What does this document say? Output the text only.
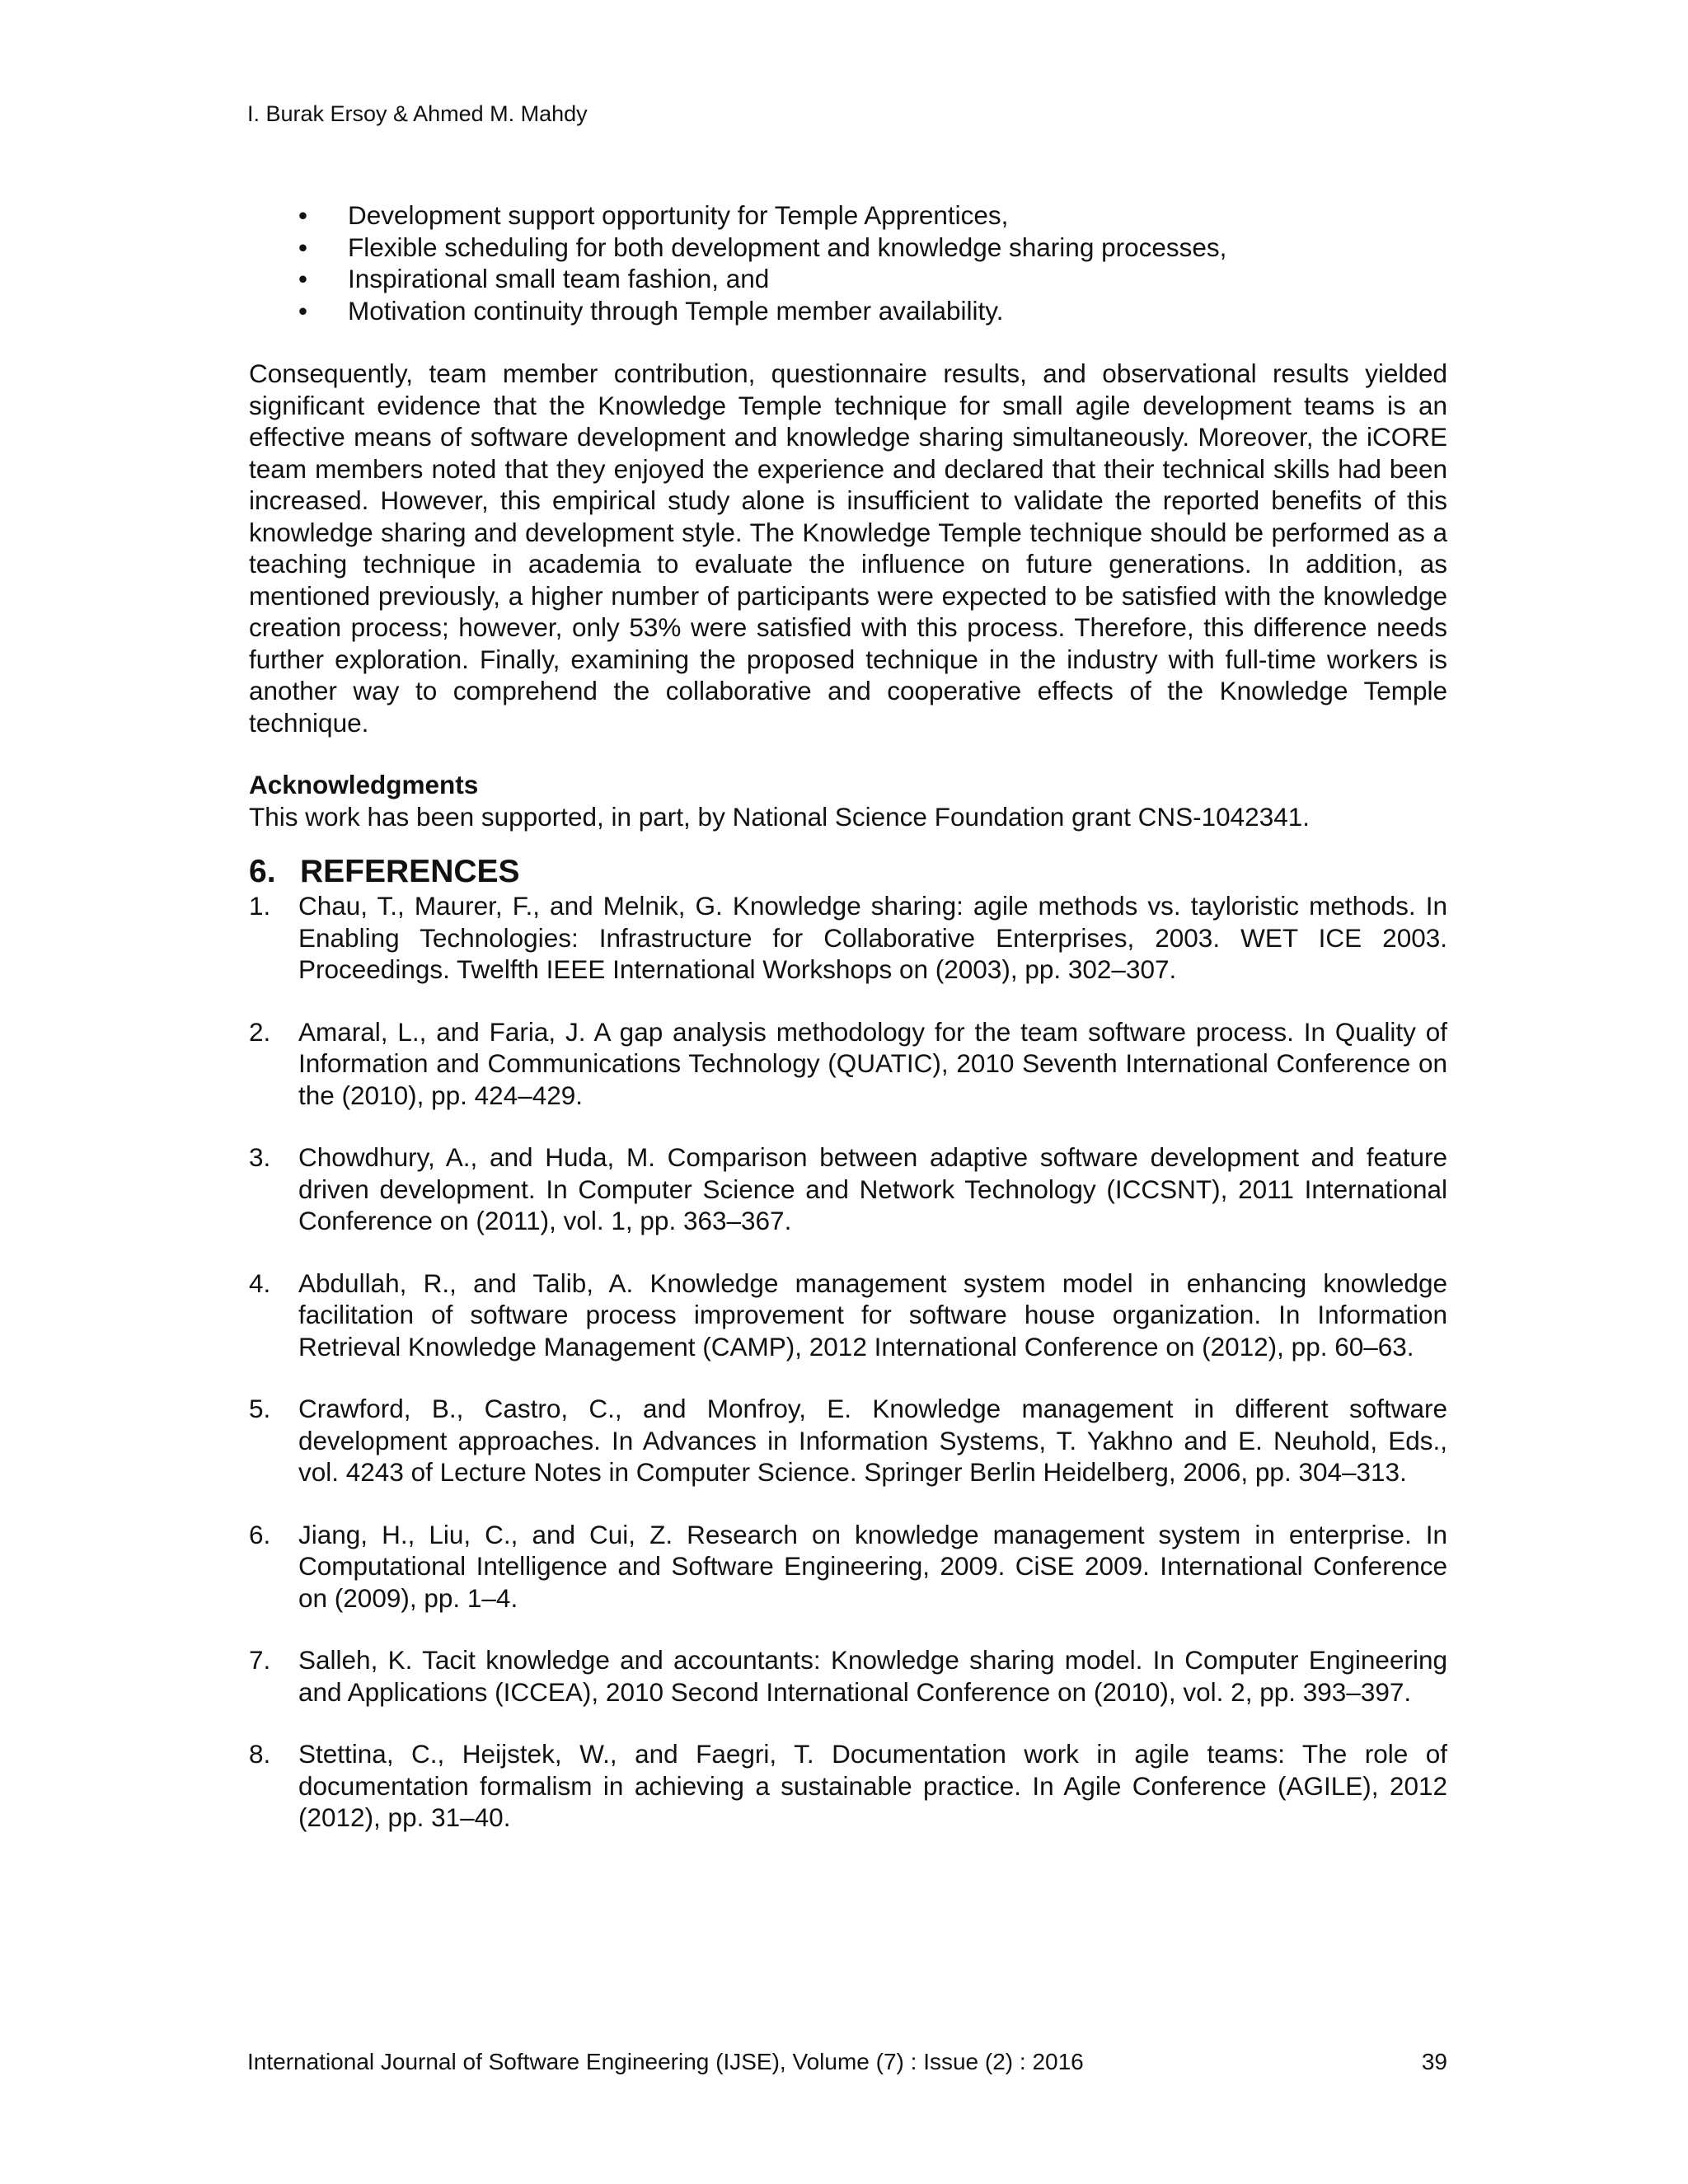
I. Burak Ersoy & Ahmed M. Mahdy
• Development support opportunity for Temple Apprentices,
• Flexible scheduling for both development and knowledge sharing processes,
• Inspirational small team fashion, and
• Motivation continuity through Temple member availability.

Consequently, team member contribution, questionnaire results, and observational results yielded significant evidence that the Knowledge Temple technique for small agile development teams is an effective means of software development and knowledge sharing simultaneously. Moreover, the iCORE team members noted that they enjoyed the experience and declared that their technical skills had been increased. However, this empirical study alone is insufficient to validate the reported benefits of this knowledge sharing and development style. The Knowledge Temple technique should be performed as a teaching technique in academia to evaluate the influence on future generations. In addition, as mentioned previously, a higher number of participants were expected to be satisfied with the knowledge creation process; however, only 53% were satisfied with this process. Therefore, this difference needs further exploration. Finally, examining the proposed technique in the industry with full-time workers is another way to comprehend the collaborative and cooperative effects of the Knowledge Temple technique.

Acknowledgments

This work has been supported, in part, by National Science Foundation grant CNS-1042341.

6. REFERENCES
1.	Chau, T., Maurer, F., and Melnik, G. Knowledge sharing: agile methods vs. tayloristic methods. In Enabling Technologies: Infrastructure for Collaborative Enterprises, 2003. WET ICE 2003. Proceedings. Twelfth IEEE International Workshops on (2003), pp. 302–307.
2.	Amaral, L., and Faria, J. A gap analysis methodology for the team software process. In Quality of Information and Communications Technology (QUATIC), 2010 Seventh International Conference on the (2010), pp. 424–429.
3.	Chowdhury, A., and Huda, M. Comparison between adaptive software development and feature driven development. In Computer Science and Network Technology (ICCSNT), 2011 International Conference on (2011), vol. 1, pp. 363–367.
4.	Abdullah, R., and Talib, A. Knowledge management system model in enhancing knowledge facilitation of software process improvement for software house organization. In Information Retrieval Knowledge Management (CAMP), 2012 International Conference on (2012), pp. 60–63.
5.	Crawford, B., Castro, C., and Monfroy, E. Knowledge management in different software development approaches. In Advances in Information Systems, T. Yakhno and E. Neuhold, Eds., vol. 4243 of Lecture Notes in Computer Science. Springer Berlin Heidelberg, 2006, pp. 304–313.
6.	Jiang, H., Liu, C., and Cui, Z. Research on knowledge management system in enterprise. In Computational Intelligence and Software Engineering, 2009. CiSE 2009. International Conference on (2009), pp. 1–4.
7.	Salleh, K. Tacit knowledge and accountants: Knowledge sharing model. In Computer Engineering and Applications (ICCEA), 2010 Second International Conference on (2010), vol. 2, pp. 393–397.
8.	Stettina, C., Heijstek, W., and Faegri, T. Documentation work in agile teams: The role of documentation formalism in achieving a sustainable practice. In Agile Conference (AGILE), 2012 (2012), pp. 31–40.
International Journal of Software Engineering (IJSE), Volume (7) : Issue (2) : 2016	39
